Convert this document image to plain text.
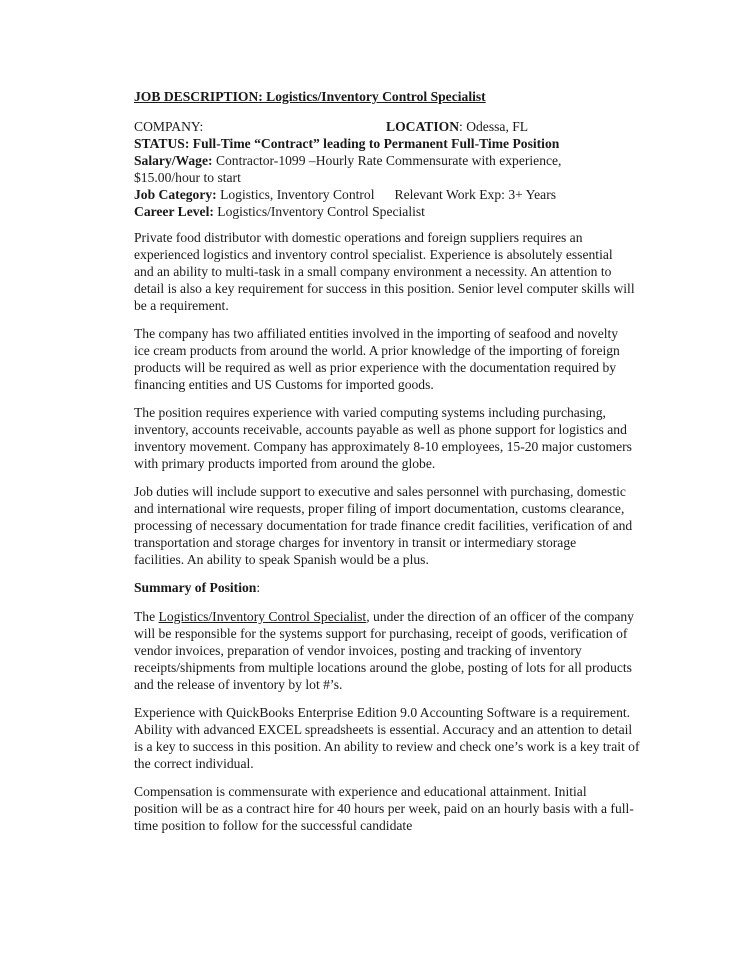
JOB DESCRIPTION: Logistics/Inventory Control Specialist
COMPANY:	LOCATION: Odessa, FL
STATUS: Full-Time “Contract” leading to Permanent Full-Time Position
Salary/Wage: Contractor-1099 –Hourly Rate Commensurate with experience,
$15.00/hour to start
Job Category: Logistics, Inventory Control Relevant Work Exp: 3+ Years
Career Level: Logistics/Inventory Control Specialist
Private food distributor with domestic operations and foreign suppliers requires an
experienced logistics and inventory control specialist. Experience is absolutely essential
and an ability to multi-task in a small company environment a necessity. An attention to
detail is also a key requirement for success in this position. Senior level computer skills will
be a requirement.
The company has two affiliated entities involved in the importing of seafood and novelty
ice cream products from around the world. A prior knowledge of the importing of foreign
products will be required as well as prior experience with the documentation required by
financing entities and US Customs for imported goods.
The position requires experience with varied computing systems including purchasing,
inventory, accounts receivable, accounts payable as well as phone support for logistics and
inventory movement. Company has approximately 8-10 employees, 15-20 major customers
with primary products imported from around the globe.
Job duties will include support to executive and sales personnel with purchasing, domestic
and international wire requests, proper filing of import documentation, customs clearance,
processing of necessary documentation for trade finance credit facilities, verification of and
transportation and storage charges for inventory in transit or intermediary storage
facilities. An ability to speak Spanish would be a plus.
Summary of Position:
The Logistics/Inventory Control Specialist, under the direction of an officer of the company
will be responsible for the systems support for purchasing, receipt of goods, verification of
vendor invoices, preparation of vendor invoices, posting and tracking of inventory
receipts/shipments from multiple locations around the globe, posting of lots for all products
and the release of inventory by lot #’s.
Experience with QuickBooks Enterprise Edition 9.0 Accounting Software is a requirement.
Ability with advanced EXCEL spreadsheets is essential. Accuracy and an attention to detail
is a key to success in this position. An ability to review and check one’s work is a key trait of
the correct individual.
Compensation is commensurate with experience and educational attainment. Initial
position will be as a contract hire for 40 hours per week, paid on an hourly basis with a full-
time position to follow for the successful candidate
